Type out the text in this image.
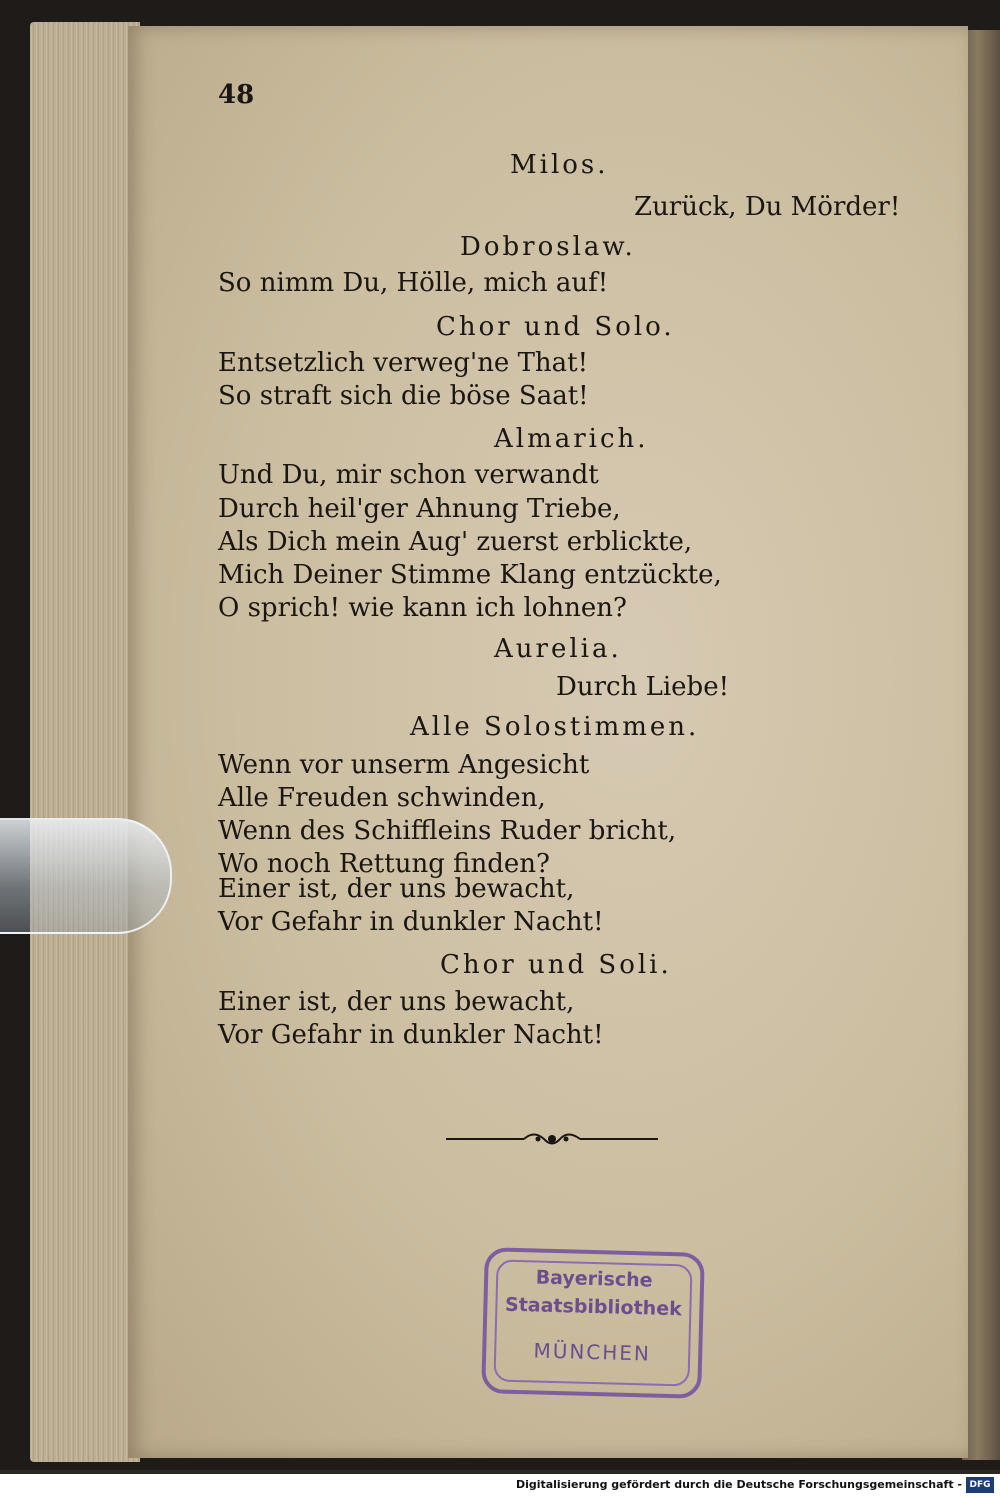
48
Milos.
Zurück, Du Mörder!
Dobroslaw.
So nimm Du, Hölle, mich auf!
Chor und Solo.
Entsetzlich verweg'ne That!
So straft sich die böse Saat!
Almarich.
Und Du, mir schon verwandt
Durch heil'ger Ahnung Triebe,
Als Dich mein Aug' zuerst erblickte,
Mich Deiner Stimme Klang entzückte,
O sprich! wie kann ich lohnen?
Aurelia.
Durch Liebe!
Alle Solostimmen.
Wenn vor unserm Angesicht
Alle Freuden schwinden,
Wenn des Schiffleins Ruder bricht,
Wo noch Rettung finden?
Einer ist, der uns bewacht,
Vor Gefahr in dunkler Nacht!
Chor und Soli.
Einer ist, der uns bewacht,
Vor Gefahr in dunkler Nacht!
Bayerische
Staatsbibliothek
MÜNCHEN
Digitalisierung gefördert durch die Deutsche Forschungsgemeinschaft - DFG
